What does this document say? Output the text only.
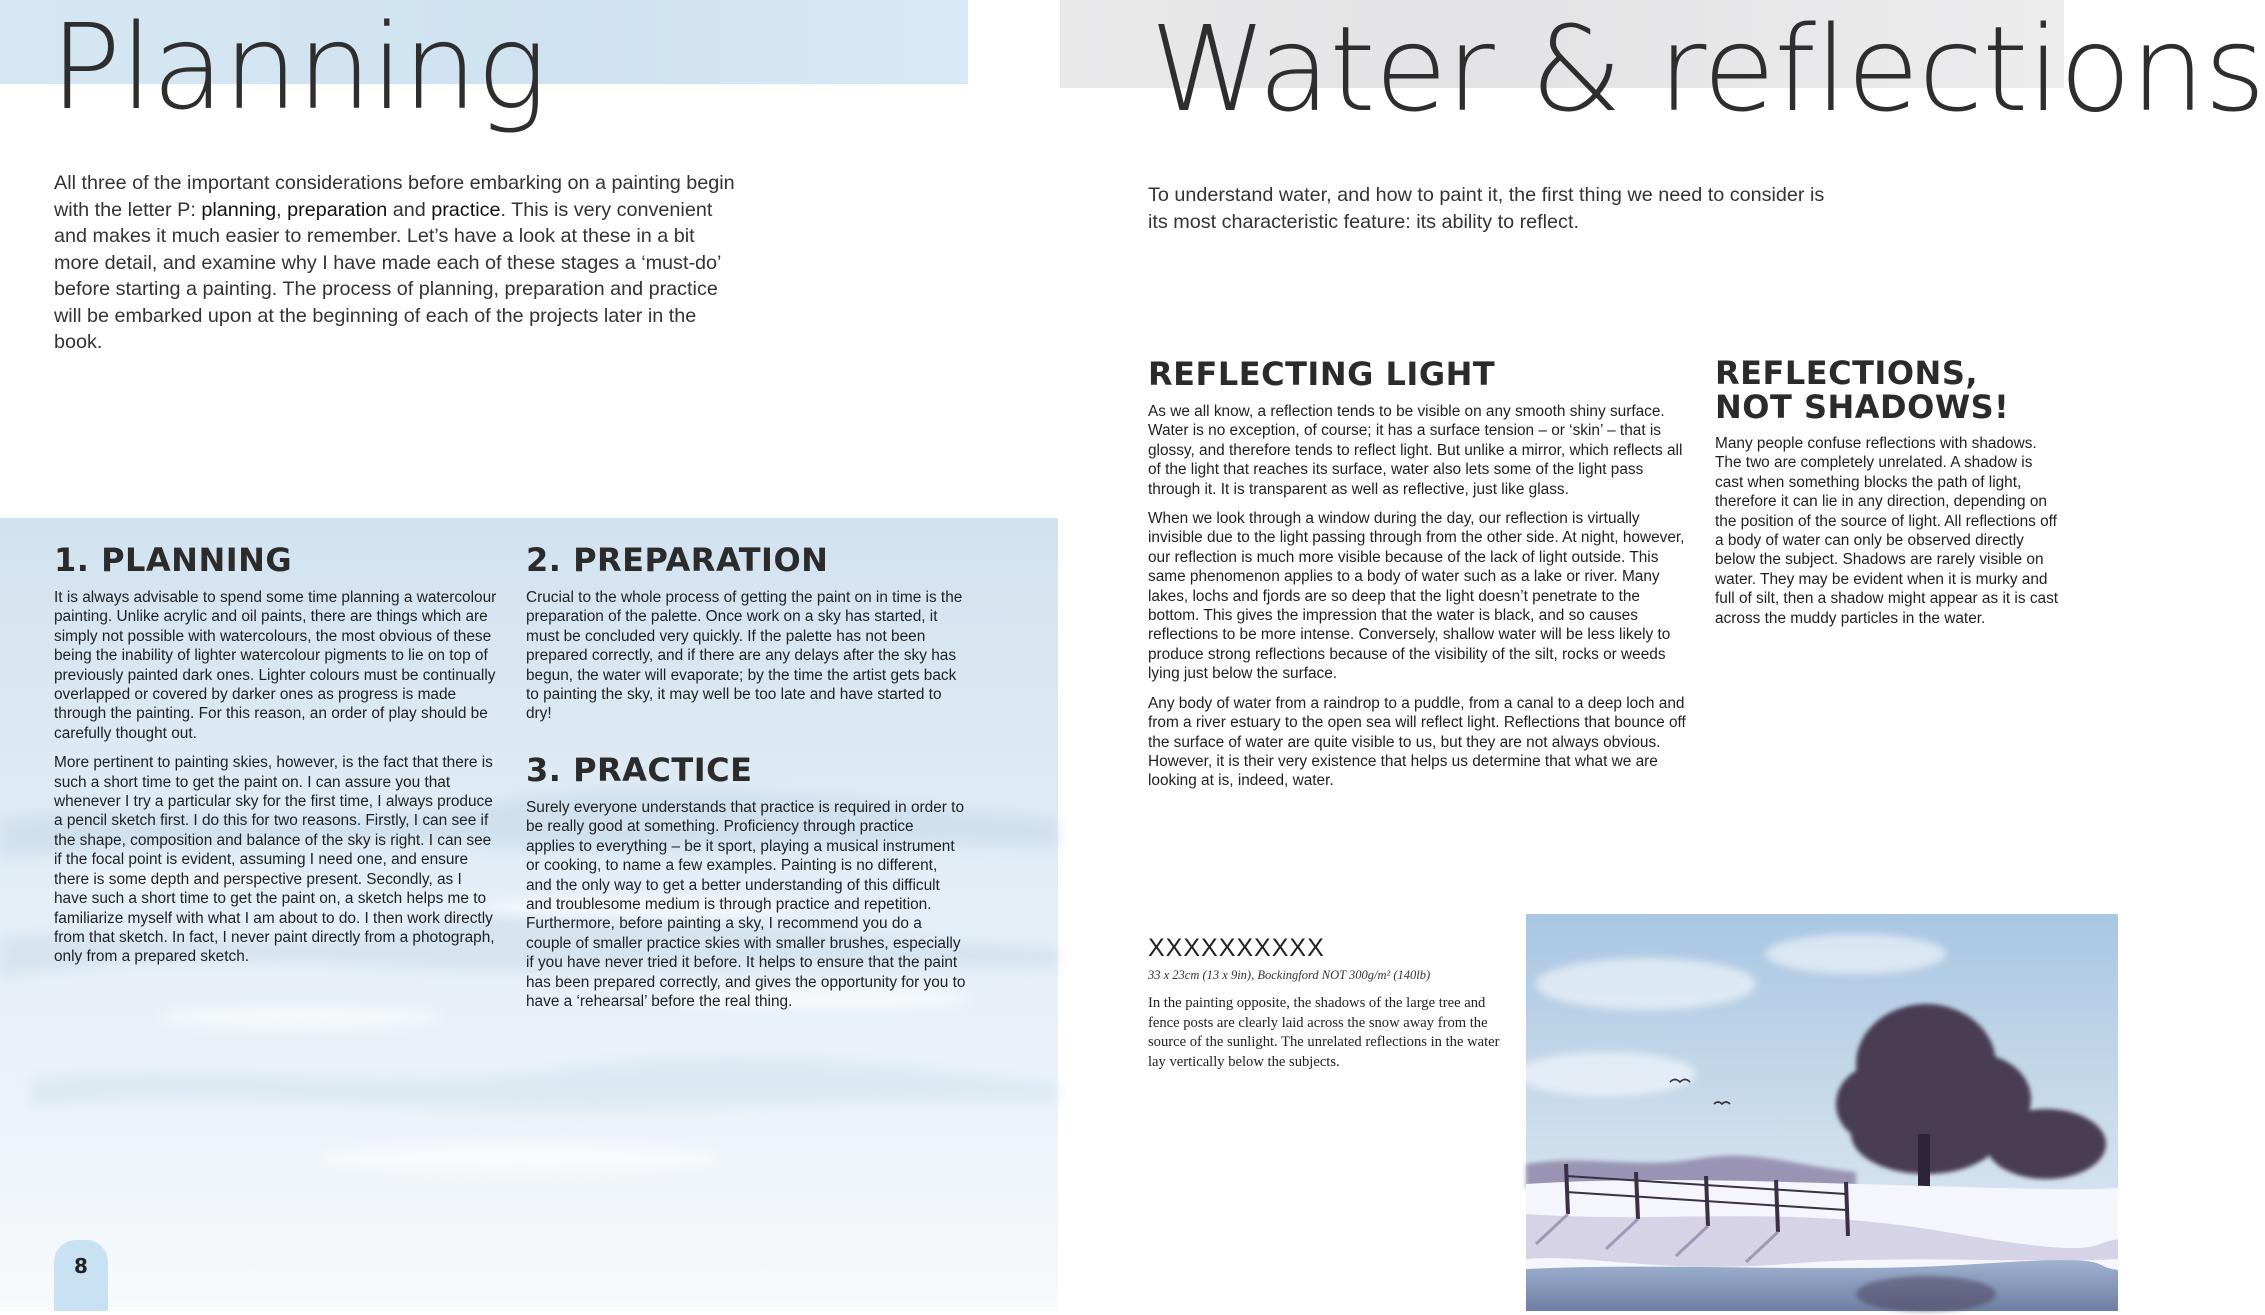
Planning
All three of the important considerations before embarking on a painting begin with the letter P: planning, preparation and practice. This is very convenient and makes it much easier to remember. Let’s have a look at these in a bit more detail, and examine why I have made each of these stages a ‘must-do’ before starting a painting. The process of planning, preparation and practice will be embarked upon at the beginning of each of the projects later in the book.
1. PLANNING

It is always advisable to spend some time planning a watercolour painting. Unlike acrylic and oil paints, there are things which are simply not possible with watercolours, the most obvious of these being the inability of lighter watercolour pigments to lie on top of previously painted dark ones. Lighter colours must be continually overlapped or covered by darker ones as progress is made through the painting. For this reason, an order of play should be carefully thought out.

More pertinent to painting skies, however, is the fact that there is such a short time to get the paint on. I can assure you that whenever I try a particular sky for the first time, I always produce a pencil sketch first. I do this for two reasons. Firstly, I can see if the shape, composition and balance of the sky is right. I can see if the focal point is evident, assuming I need one, and ensure there is some depth and perspective present. Secondly, as I have such a short time to get the paint on, a sketch helps me to familiarize myself with what I am about to do. I then work directly from that sketch. In fact, I never paint directly from a photograph, only from a prepared sketch.

2. PREPARATION

Crucial to the whole process of getting the paint on in time is the preparation of the palette. Once work on a sky has started, it must be concluded very quickly. If the palette has not been prepared correctly, and if there are any delays after the sky has begun, the water will evaporate; by the time the artist gets back to painting the sky, it may well be too late and have started to dry!

3. PRACTICE

Surely everyone understands that practice is required in order to be really good at something. Proficiency through practice applies to everything – be it sport, playing a musical instrument or cooking, to name a few examples. Painting is no different, and the only way to get a better understanding of this difficult and troublesome medium is through practice and repetition. Furthermore, before painting a sky, I recommend you do a couple of smaller practice skies with smaller brushes, especially if you have never tried it before. It helps to ensure that the paint has been prepared correctly, and gives the opportunity for you to have a ‘rehearsal’ before the real thing.

8
Water & reflections
To understand water, and how to paint it, the first thing we need to consider is its most characteristic feature: its ability to reflect.
REFLECTING LIGHT

As we all know, a reflection tends to be visible on any smooth shiny surface. Water is no exception, of course; it has a surface tension – or ‘skin’ – that is glossy, and therefore tends to reflect light. But unlike a mirror, which reflects all of the light that reaches its surface, water also lets some of the light pass through it. It is transparent as well as reflective, just like glass.

When we look through a window during the day, our reflection is virtually invisible due to the light passing through from the other side. At night, however, our reflection is much more visible because of the lack of light outside. This same phenomenon applies to a body of water such as a lake or river. Many lakes, lochs and fjords are so deep that the light doesn’t penetrate to the bottom. This gives the impression that the water is black, and so causes reflections to be more intense. Conversely, shallow water will be less likely to produce strong reflections because of the visibility of the silt, rocks or weeds lying just below the surface.

Any body of water from a raindrop to a puddle, from a canal to a deep loch and from a river estuary to the open sea will reflect light. Reflections that bounce off the surface of water are quite visible to us, but they are not always obvious. However, it is their very existence that helps us determine that what we are looking at is, indeed, water.

REFLECTIONS,
NOT SHADOWS!

Many people confuse reflections with shadows. The two are completely unrelated. A shadow is cast when something blocks the path of light, therefore it can lie in any direction, depending on the position of the source of light. All reflections off a body of water can only be observed directly below the subject. Shadows are rarely visible on water. They may be evident when it is murky and full of silt, then a shadow might appear as it is cast across the muddy particles in the water.

XXXXXXXXXX
33 x 23cm (13 x 9in), Bockingford NOT 300g/m² (140lb)
In the painting opposite, the shadows of the large tree and fence posts are clearly laid across the snow away from the source of the sunlight. The unrelated reflections in the water lay vertically below the subjects.
